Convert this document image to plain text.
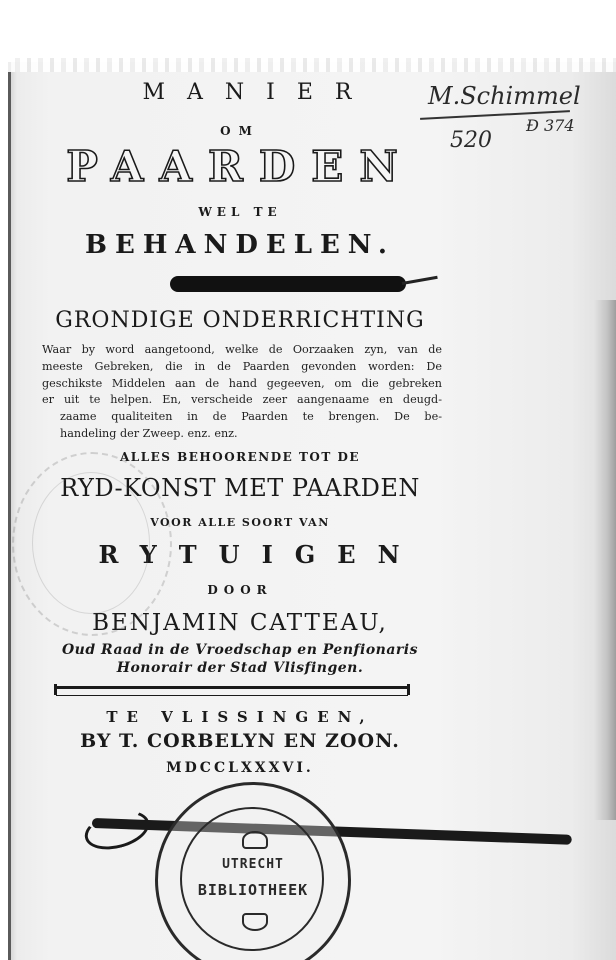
M.Schimmel
520
Ð 374
MANIER
OM
PAARDEN
WEL TE
BEHANDELEN.
GRONDIGE ONDERRICHTING
Waar by word aangetoond, welke de Oorzaaken zyn, van de
meeste Gebreken, die in de Paarden gevonden worden: De
geschikste Middelen aan de hand gegeeven, om die gebreken
er uit te helpen. En, verscheide zeer aangenaame en deugd-
zaame qualiteiten in de Paarden te brengen. De be-
handeling der Zweep. enz. enz.
ALLES BEHOORENDE TOT DE
RYD-KONST MET PAARDEN
VOOR ALLE SOORT VAN
RYTUIGEN
DOOR
BENJAMIN CATTEAU,
Oud Raad in de Vroedschap en Penfionaris
Honorair der Stad Vlisfingen.
TE VLISSINGEN,
BY T. CORBELYN EN ZOON.
MDCCLXXXVI.
UTRECHT
BIBLIOTHEEK
